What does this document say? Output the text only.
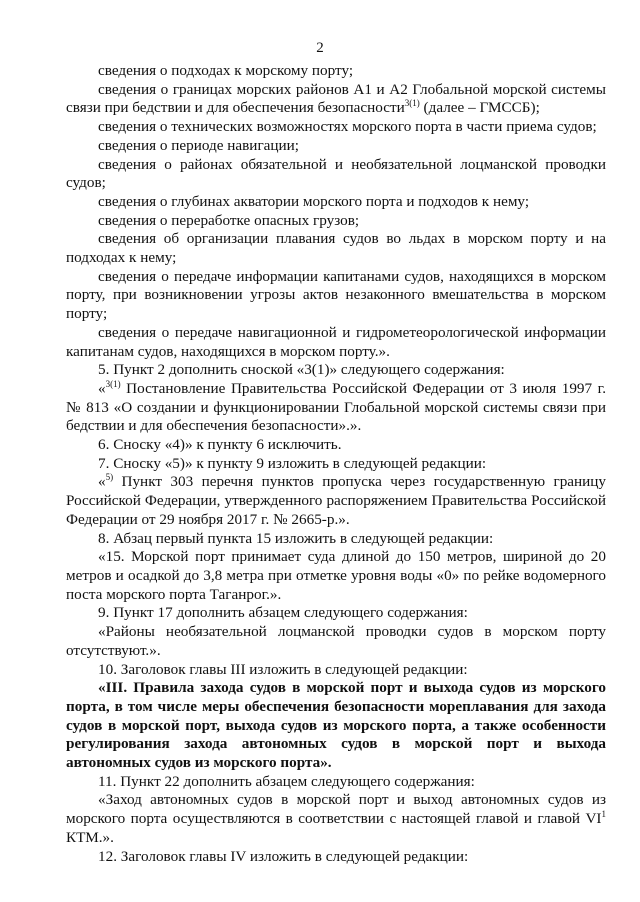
2

сведения о подходах к морскому порту;

сведения о границах морских районов А1 и А2 Глобальной морской системы связи при бедствии и для обеспечения безопасности$^{3(1)}$ (далее – ГМССБ);

сведения о технических возможностях морского порта в части приема судов;

сведения о периоде навигации;

сведения о районах обязательной и необязательной лоцманской проводки судов;

сведения о глубинах акватории морского порта и подходов к нему;

сведения о переработке опасных грузов;

сведения об организации плавания судов во льдах в морском порту и на подходах к нему;

сведения о передаче информации капитанами судов, находящихся в морском порту, при возникновении угрозы актов незаконного вмешательства в морском порту;

сведения о передаче навигационной и гидрометеорологической информации капитанам судов, находящихся в морском порту.».

5. Пункт 2 дополнить сноской «3(1)» следующего содержания:

«$^{3(1)}$ Постановление Правительства Российской Федерации от 3 июля 1997 г. № 813 «О создании и функционировании Глобальной морской системы связи при бедствии и для обеспечения безопасности».».

6. Сноску «4)» к пункту 6 исключить.

7. Сноску «5)» к пункту 9 изложить в следующей редакции:

«$^{5)}$ Пункт 303 перечня пунктов пропуска через государственную границу Российской Федерации, утвержденного распоряжением Правительства Российской Федерации от 29 ноября 2017 г. № 2665-р.».

8. Абзац первый пункта 15 изложить в следующей редакции:

«15. Морской порт принимает суда длиной до 150 метров, шириной до 20 метров и осадкой до 3,8 метра при отметке уровня воды «0» по рейке водомерного поста морского порта Таганрог.».

9. Пункт 17 дополнить абзацем следующего содержания:

«Районы необязательной лоцманской проводки судов в морском порту отсутствуют.».

10. Заголовок главы III изложить в следующей редакции:

«III. Правила захода судов в морской порт и выхода судов из морского порта, в том числе меры обеспечения безопасности мореплавания для захода судов в морской порт, выхода судов из морского порта, а также особенности регулирования захода автономных судов в морской порт и выхода автономных судов из морского порта».

11. Пункт 22 дополнить абзацем следующего содержания:

«Заход автономных судов в морской порт и выход автономных судов из морского порта осуществляются в соответствии с настоящей главой и главой $VI^1$ КТМ.».

12. Заголовок главы IV изложить в следующей редакции:
